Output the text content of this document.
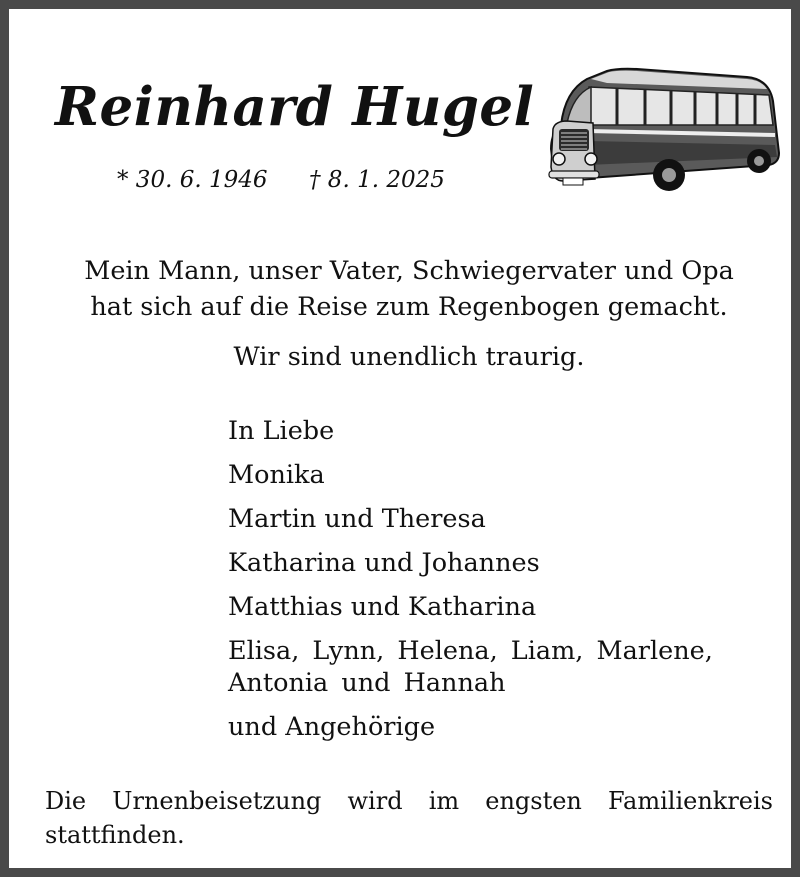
Reinhard Hugel
* 30. 6. 1946 † 8. 1. 2025
Mein Mann, unser Vater, Schwiegervater und Opa
hat sich auf die Reise zum Regenbogen gemacht.
Wir sind unendlich traurig.
In Liebe
Monika
Martin und Theresa
Katharina und Johannes
Matthias und Katharina
Elisa, Lynn, Helena, Liam, Marlene, Antonia und Hannah
und Angehörige
Die Urnenbeisetzung wird im engsten Familienkreis stattfinden.
